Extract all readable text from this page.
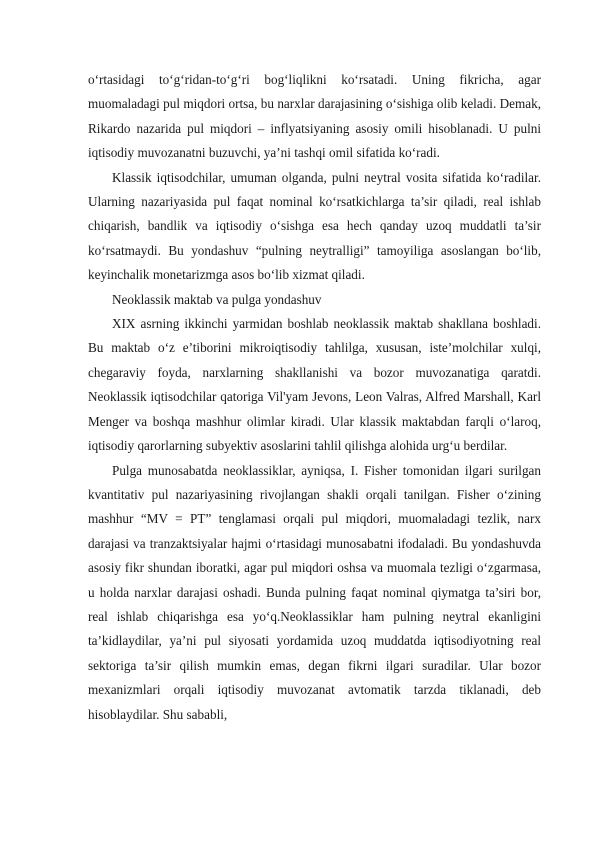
o‘rtasidagi to‘g‘ridan-to‘g‘ri bog‘liqlikni ko‘rsatadi. Uning fikricha, agar muomaladagi pul miqdori ortsa, bu narxlar darajasining o‘sishiga olib keladi. Demak, Rikardo nazarida pul miqdori – inflyatsiyaning asosiy omili hisoblanadi. U pulni iqtisodiy muvozanatni buzuvchi, ya’ni tashqi omil sifatida ko‘radi.

Klassik iqtisodchilar, umuman olganda, pulni neytral vosita sifatida ko‘radilar. Ularning nazariyasida pul faqat nominal ko‘rsatkichlarga ta’sir qiladi, real ishlab chiqarish, bandlik va iqtisodiy o‘sishga esa hech qanday uzoq muddatli ta’sir ko‘rsatmaydi. Bu yondashuv “pulning neytralligi” tamoyiliga asoslangan bo‘lib, keyinchalik monetarizmga asos bo‘lib xizmat qiladi.

Neoklassik maktab va pulga yondashuv

XIX asrning ikkinchi yarmidan boshlab neoklassik maktab shakllana boshladi. Bu maktab o‘z e’tiborini mikroiqtisodiy tahlilga, xususan, iste’molchilar xulqi, chegaraviy foyda, narxlarning shakllanishi va bozor muvozanatiga qaratdi. Neoklassik iqtisodchilar qatoriga Vil'yam Jevons, Leon Valras, Alfred Marshall, Karl Menger va boshqa mashhur olimlar kiradi. Ular klassik maktabdan farqli o‘laroq, iqtisodiy qarorlarning subyektiv asoslarini tahlil qilishga alohida urg‘u berdilar.

Pulga munosabatda neoklassiklar, ayniqsa, I. Fisher tomonidan ilgari surilgan kvantitativ pul nazariyasining rivojlangan shakli orqali tanilgan. Fisher o‘zining mashhur “MV = PT” tenglamasi orqali pul miqdori, muomaladagi tezlik, narx darajasi va tranzaktsiyalar hajmi o‘rtasidagi munosabatni ifodaladi. Bu yondashuvda asosiy fikr shundan iboratki, agar pul miqdori oshsa va muomala tezligi o‘zgarmasa, u holda narxlar darajasi oshadi. Bunda pulning faqat nominal qiymatga ta’siri bor, real ishlab chiqarishga esa yo‘q.Neoklassiklar ham pulning neytral ekanligini ta’kidlaydilar, ya’ni pul siyosati yordamida uzoq muddatda iqtisodiyotning real sektoriga ta’sir qilish mumkin emas, degan fikrni ilgari suradilar. Ular bozor mexanizmlari orqali iqtisodiy muvozanat avtomatik tarzda tiklanadi, deb hisoblaydilar. Shu sababli,
